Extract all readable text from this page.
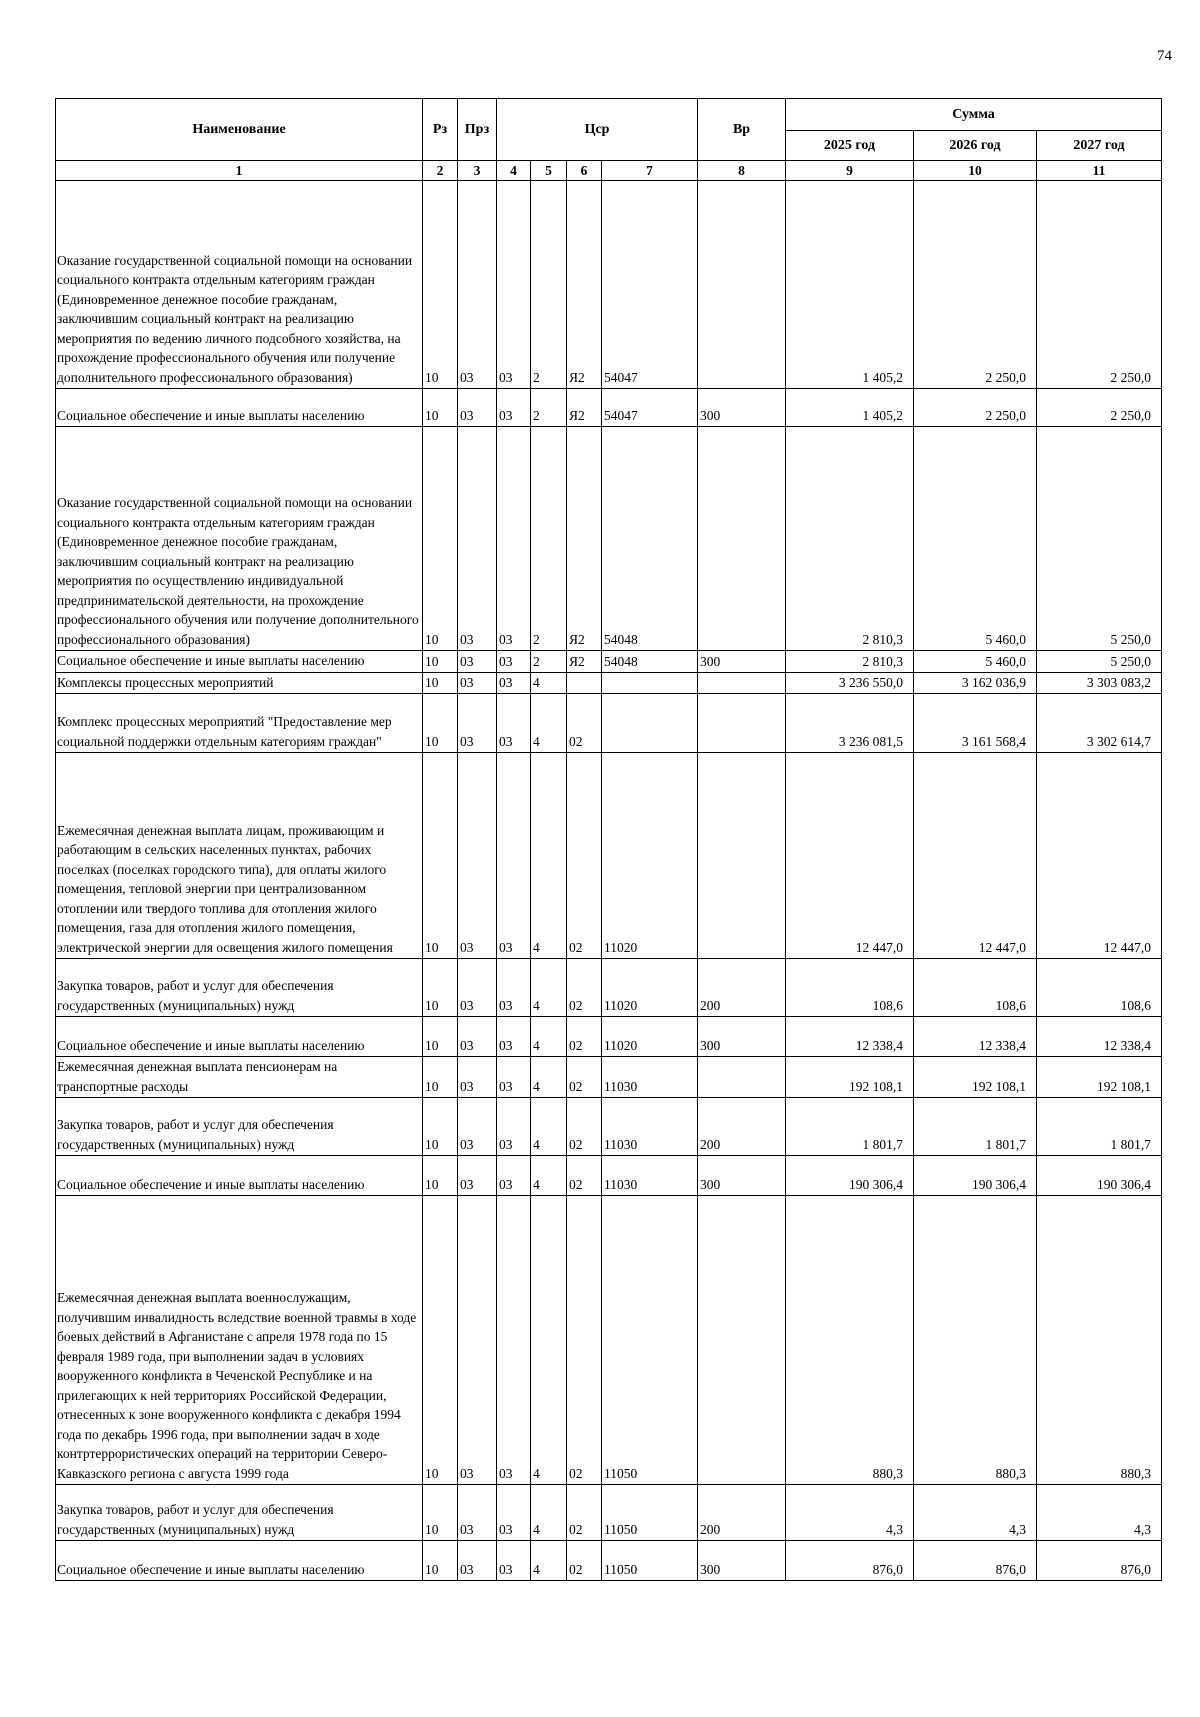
74
Наименование	Рз	Прз	Цср				Вр	Сумма		
								2025 год	2026 год	2027 год
1	2	3	4	5	6	7	8	9	10	11
Оказание государственной социальной помощи на основании социального контракта отдельным категориям граждан (Единовременное денежное пособие гражданам, заключившим социальный контракт на реализацию мероприятия по ведению личного подсобного хозяйства, на прохождение профессионального обучения или получение дополнительного профессионального образования)	10	03	03	2	Я2	54047		1 405,2	2 250,0	2 250,0
Социальное обеспечение и иные выплаты населению	10	03	03	2	Я2	54047	300	1 405,2	2 250,0	2 250,0
Оказание государственной социальной помощи на основании социального контракта отдельным категориям граждан (Единовременное денежное пособие гражданам, заключившим социальный контракт на реализацию мероприятия по осуществлению индивидуальной предпринимательской деятельности, на прохождение профессионального обучения или получение дополнительного профессионального образования)	10	03	03	2	Я2	54048		2 810,3	5 460,0	5 250,0
Социальное обеспечение и иные выплаты населению	10	03	03	2	Я2	54048	300	2 810,3	5 460,0	5 250,0
Комплексы процессных мероприятий	10	03	03	4				3 236 550,0	3 162 036,9	3 303 083,2
Комплекс процессных мероприятий "Предоставление мер социальной поддержки отдельным категориям граждан"	10	03	03	4	02			3 236 081,5	3 161 568,4	3 302 614,7
Ежемесячная денежная выплата лицам, проживающим и работающим в сельских населенных пунктах, рабочих поселках (поселках городского типа), для оплаты жилого помещения, тепловой энергии при централизованном отоплении или твердого топлива для отопления жилого помещения, газа для отопления жилого помещения, электрической энергии для освещения жилого помещения	10	03	03	4	02	11020		12 447,0	12 447,0	12 447,0
Закупка товаров, работ и услуг для обеспечения государственных (муниципальных) нужд	10	03	03	4	02	11020	200	108,6	108,6	108,6
Социальное обеспечение и иные выплаты населению	10	03	03	4	02	11020	300	12 338,4	12 338,4	12 338,4
Ежемесячная денежная выплата пенсионерам на транспортные расходы	10	03	03	4	02	11030		192 108,1	192 108,1	192 108,1
Закупка товаров, работ и услуг для обеспечения государственных (муниципальных) нужд	10	03	03	4	02	11030	200	1 801,7	1 801,7	1 801,7
Социальное обеспечение и иные выплаты населению	10	03	03	4	02	11030	300	190 306,4	190 306,4	190 306,4
Ежемесячная денежная выплата военнослужащим, получившим инвалидность вследствие военной травмы в ходе боевых действий в Афганистане с апреля 1978 года по 15 февраля 1989 года, при выполнении задач в условиях вооруженного конфликта в Чеченской Республике и на прилегающих к ней территориях Российской Федерации, отнесенных к зоне вооруженного конфликта с декабря 1994 года по декабрь 1996 года, при выполнении задач в ходе контртеррористических операций на территории Северо-Кавказского региона с августа 1999 года	10	03	03	4	02	11050		880,3	880,3	880,3
Закупка товаров, работ и услуг для обеспечения государственных (муниципальных) нужд	10	03	03	4	02	11050	200	4,3	4,3	4,3
Социальное обеспечение и иные выплаты населению	10	03	03	4	02	11050	300	876,0	876,0	876,0
